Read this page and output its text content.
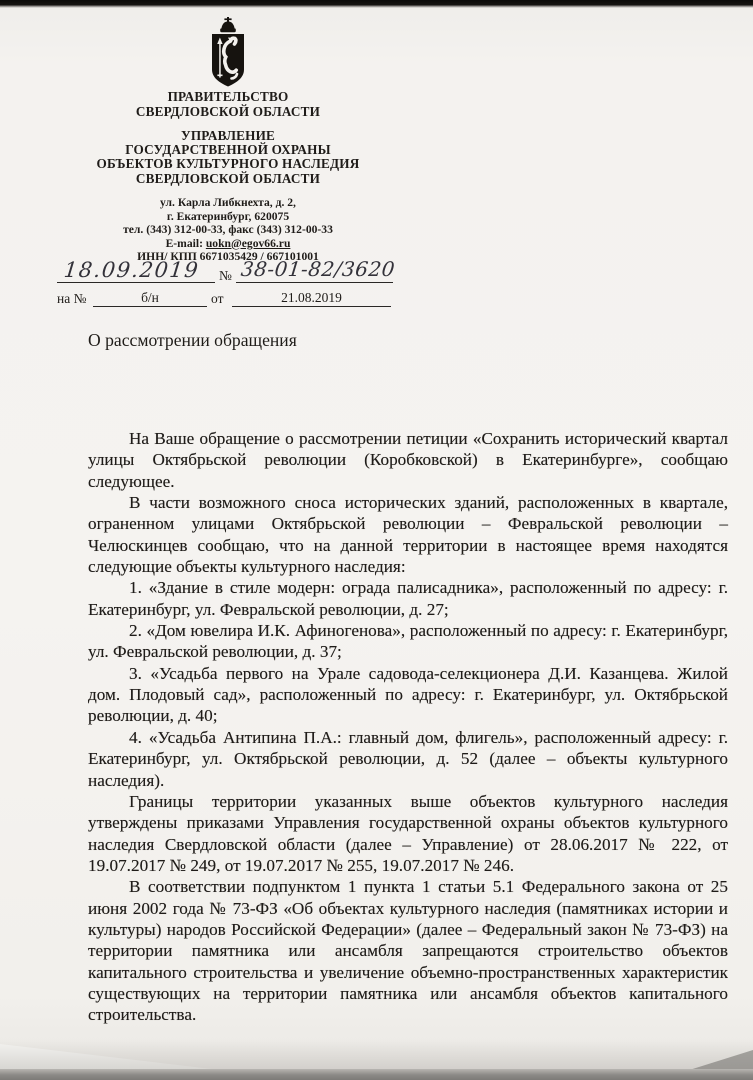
ПРАВИТЕЛЬСТВО
СВЕРДЛОВСКОЙ ОБЛАСТИ
УПРАВЛЕНИЕ
ГОСУДАРСТВЕННОЙ ОХРАНЫ
ОБЪЕКТОВ КУЛЬТУРНОГО НАСЛЕДИЯ
СВЕРДЛОВСКОЙ ОБЛАСТИ
ул. Карла Либкнехта, д. 2,
г. Екатеринбург, 620075
тел. (343) 312-00-33, факс (343) 312-00-33
E-mail: uokn@egov66.ru
ИНН/ КПП 6671035429 / 667101001
18.09.2019 № 38-01-82/3620
на №	б/н	от	21.08.2019
О рассмотрении обращения

На Ваше обращение о рассмотрении петиции «Сохранить исторический квартал улицы Октябрьской революции (Коробковской) в Екатеринбурге», сообщаю следующее.

В части возможного сноса исторических зданий, расположенных в квартале, ограненном улицами Октябрьской революции – Февральской революции – Челюскинцев сообщаю, что на данной территории в настоящее время находятся следующие объекты культурного наследия:

1. «Здание в стиле модерн: ограда палисадника», расположенный по адресу: г. Екатеринбург, ул. Февральской революции, д. 27;

2. «Дом ювелира И.К. Афиногенова», расположенный по адресу: г. Екатеринбург, ул. Февральской революции, д. 37;

3. «Усадьба первого на Урале садовода-селекционера Д.И. Казанцева. Жилой дом. Плодовый сад», расположенный по адресу: г. Екатеринбург, ул. Октябрьской революции, д. 40;

4. «Усадьба Антипина П.А.: главный дом, флигель», расположенный адресу: г. Екатеринбург, ул. Октябрьской революции, д. 52 (далее – объекты культурного наследия).

Границы территории указанных выше объектов культурного наследия утверждены приказами Управления государственной охраны объектов культурного наследия Свердловской области (далее – Управление) от 28.06.2017 № 222, от 19.07.2017 № 249, от 19.07.2017 № 255, 19.07.2017 № 246.

В соответствии подпунктом 1 пункта 1 статьи 5.1 Федерального закона от 25 июня 2002 года № 73-ФЗ «Об объектах культурного наследия (памятниках истории и культуры) народов Российской Федерации» (далее – Федеральный закон № 73-ФЗ) на территории памятника или ансамбля запрещаются строительство объектов капитального строительства и увеличение объемно-пространственных характеристик существующих на территории памятника или ансамбля объектов капитального строительства.
